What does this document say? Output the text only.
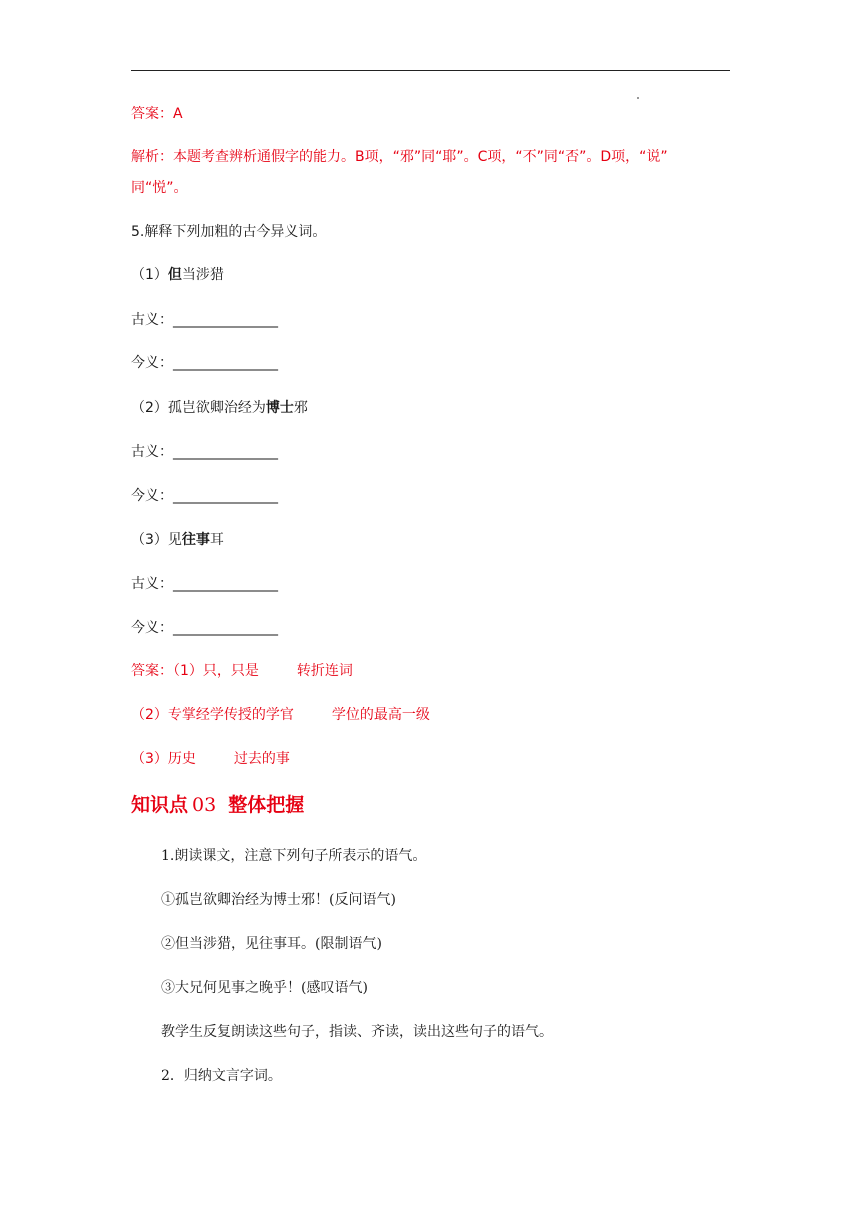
答案：A
解析：本题考查辨析通假字的能力。B项，“邪”同“耶”。C项，“不”同“否”。D项，“说”
同“悦”。
5.解释下列加粗的古今异义词。
（1）但当涉猎
古义：_______________
今义：_______________
（2）孤岂欲卿治经为博士邪
古义：_______________
今义：_______________
（3）见往事耳
古义：_______________
今义：_______________
答案：（1）只，只是	转折连词
（2）专掌经学传授的学官	学位的最高一级
（3）历史	过去的事
知识点 03 整体把握
1.朗读课文，注意下列句子所表示的语气。
①孤岂欲卿治经为博士邪！(反问语气)
②但当涉猎，见往事耳。(限制语气)
③大兄何见事之晚乎！(感叹语气)
教学生反复朗读这些句子，指读、齐读，读出这些句子的语气。
2．归纳文言字词。
